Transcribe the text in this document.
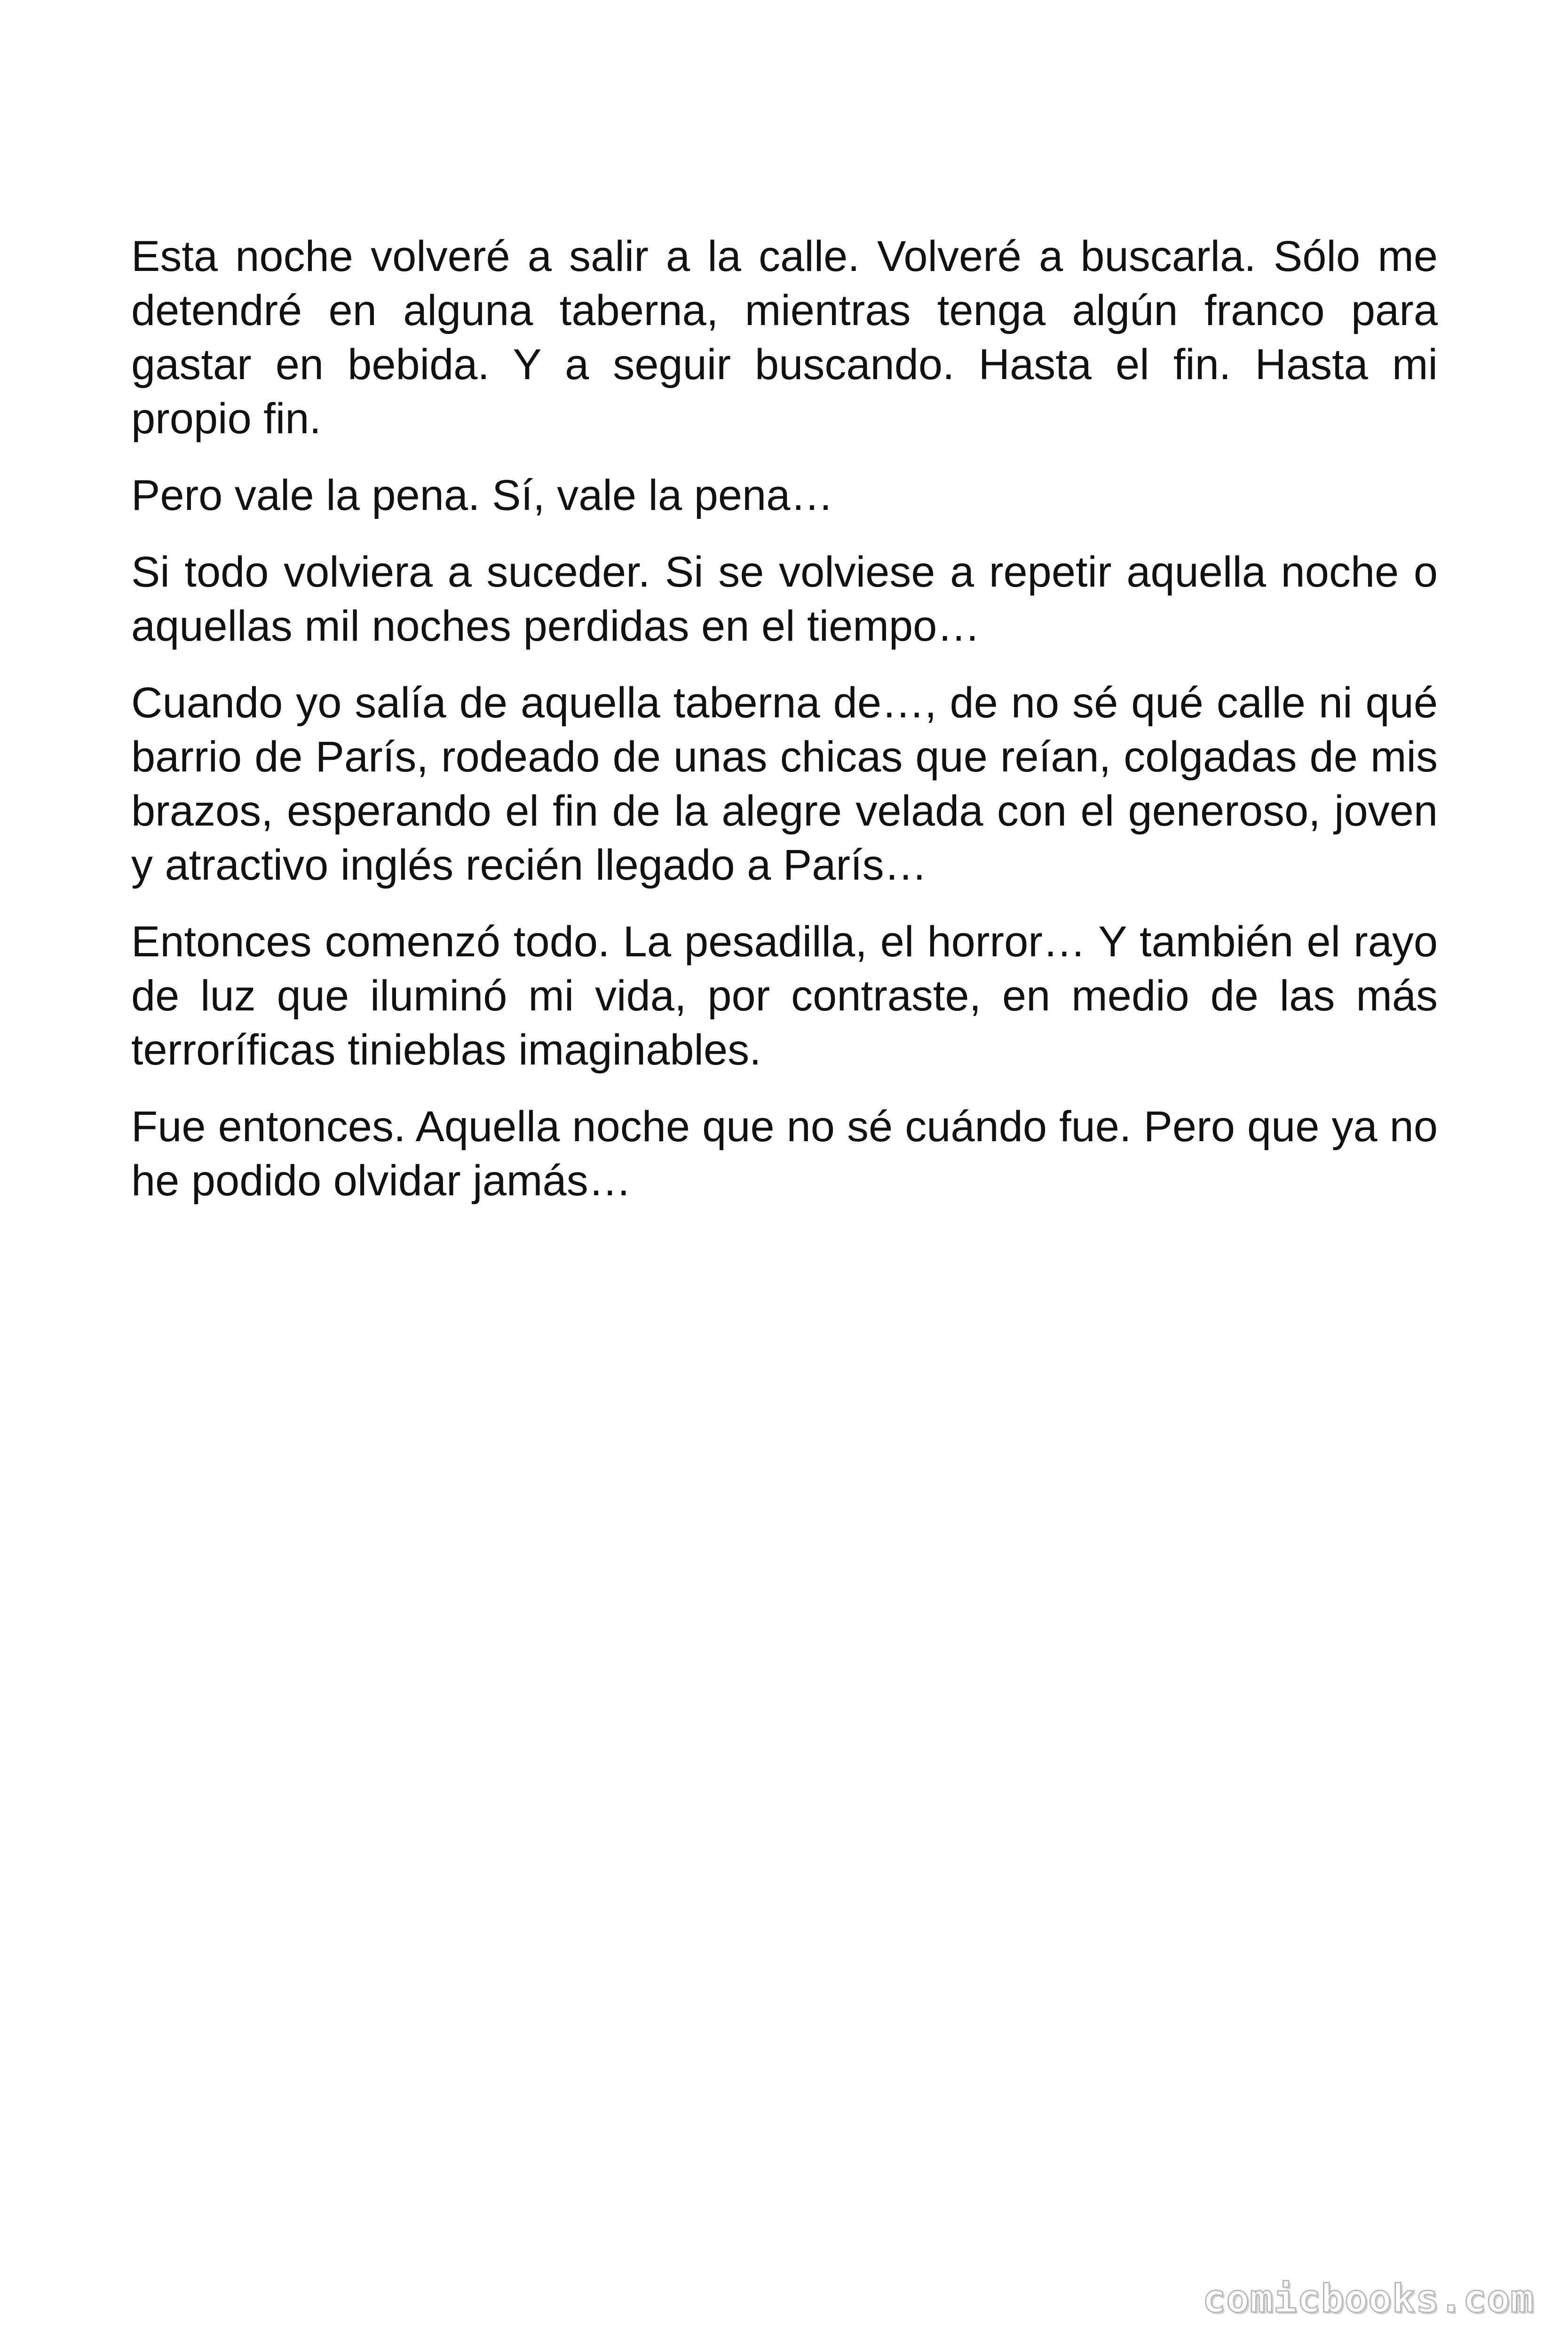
Esta noche volveré a salir a la calle. Volveré a buscarla. Sólo me detendré en alguna taberna, mientras tenga algún franco para gastar en bebida. Y a seguir buscando. Hasta el fin. Hasta mi propio fin.

Pero vale la pena. Sí, vale la pena…

Si todo volviera a suceder. Si se volviese a repetir aquella noche o aquellas mil noches perdidas en el tiempo…

Cuando yo salía de aquella taberna de…, de no sé qué calle ni qué barrio de París, rodeado de unas chicas que reían, colgadas de mis brazos, esperando el fin de la alegre velada con el generoso, joven y atractivo inglés recién llegado a París…

Entonces comenzó todo. La pesadilla, el horror… Y también el rayo de luz que iluminó mi vida, por contraste, en medio de las más terroríficas tinieblas imaginables.

Fue entonces. Aquella noche que no sé cuándo fue. Pero que ya no he podido olvidar jamás…

comicbooks.com
